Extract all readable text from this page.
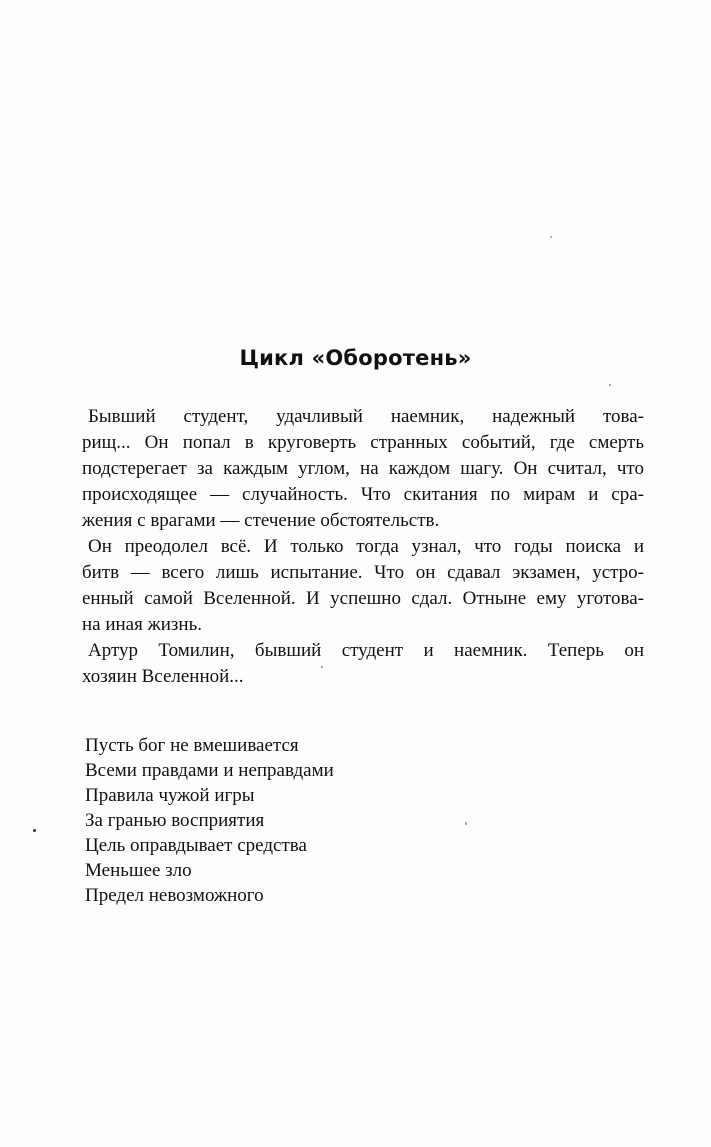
Цикл «Оборотень»

Бывший студент, удачливый наемник, надежный това-
рищ... Он попал в круговерть странных событий, где смерть
подстерегает за каждым углом, на каждом шагу. Он считал, что
происходящее — случайность. Что скитания по мирам и сра-
жения с врагами — стечение обстоятельств.

Он преодолел всё. И только тогда узнал, что годы поиска и
битв — всего лишь испытание. Что он сдавал экзамен, устро-
енный самой Вселенной. И успешно сдал. Отныне ему уготова-
на иная жизнь.

Артур Томилин, бывший студент и наемник. Теперь он
хозяин Вселенной...

Пусть бог не вмешивается
Всеми правдами и неправдами
Правила чужой игры
За гранью восприятия
Цель оправдывает средства
Меньшее зло
Предел невозможного
